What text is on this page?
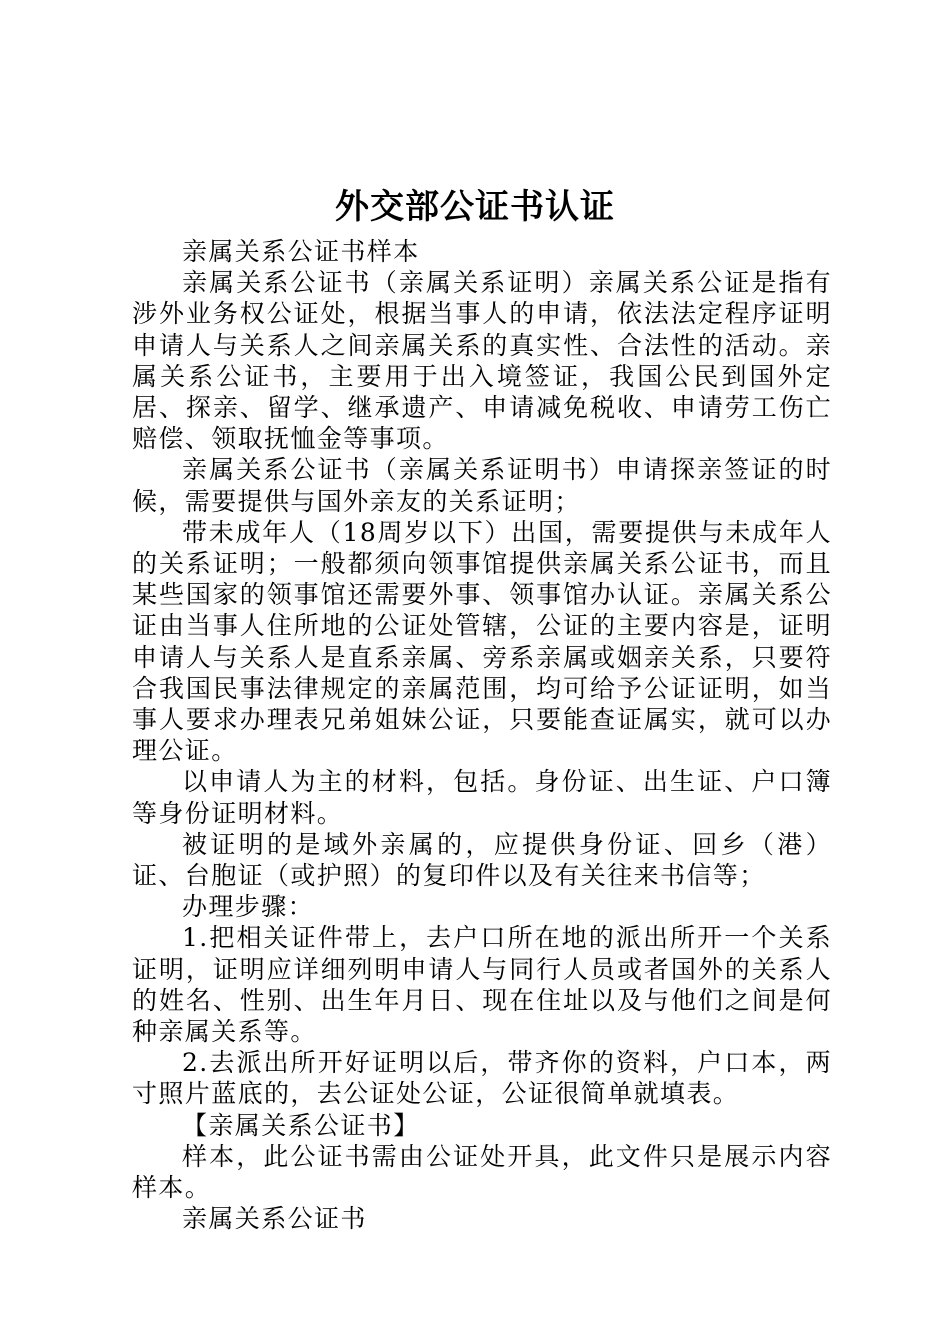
外交部公证书认证

亲属关系公证书样本

亲属关系公证书（亲属关系证明）亲属关系公证是指有涉外业务权公证处，根据当事人的申请，依法法定程序证明申请人与关系人之间亲属关系的真实性、合法性的活动。亲属关系公证书，主要用于出入境签证，我国公民到国外定居、探亲、留学、继承遗产、申请减免税收、申请劳工伤亡赔偿、领取抚恤金等事项。

亲属关系公证书（亲属关系证明书）申请探亲签证的时候，需要提供与国外亲友的关系证明；

带未成年人（18周岁以下）出国，需要提供与未成年人的关系证明；一般都须向领事馆提供亲属关系公证书，而且某些国家的领事馆还需要外事、领事馆办认证。亲属关系公证由当事人住所地的公证处管辖，公证的主要内容是，证明申请人与关系人是直系亲属、旁系亲属或姻亲关系，只要符合我国民事法律规定的亲属范围，均可给予公证证明，如当事人要求办理表兄弟姐妹公证，只要能查证属实，就可以办理公证。

以申请人为主的材料，包括。身份证、出生证、户口簿等身份证明材料。

被证明的是域外亲属的，应提供身份证、回乡（港）证、台胞证（或护照）的复印件以及有关往来书信等；

办理步骤：

1.把相关证件带上，去户口所在地的派出所开一个关系证明，证明应详细列明申请人与同行人员或者国外的关系人的姓名、性别、出生年月日、现在住址以及与他们之间是何种亲属关系等。

2.去派出所开好证明以后，带齐你的资料，户口本，两寸照片蓝底的，去公证处公证，公证很简单就填表。

【亲属关系公证书】

样本，此公证书需由公证处开具，此文件只是展示内容样本。

亲属关系公证书
